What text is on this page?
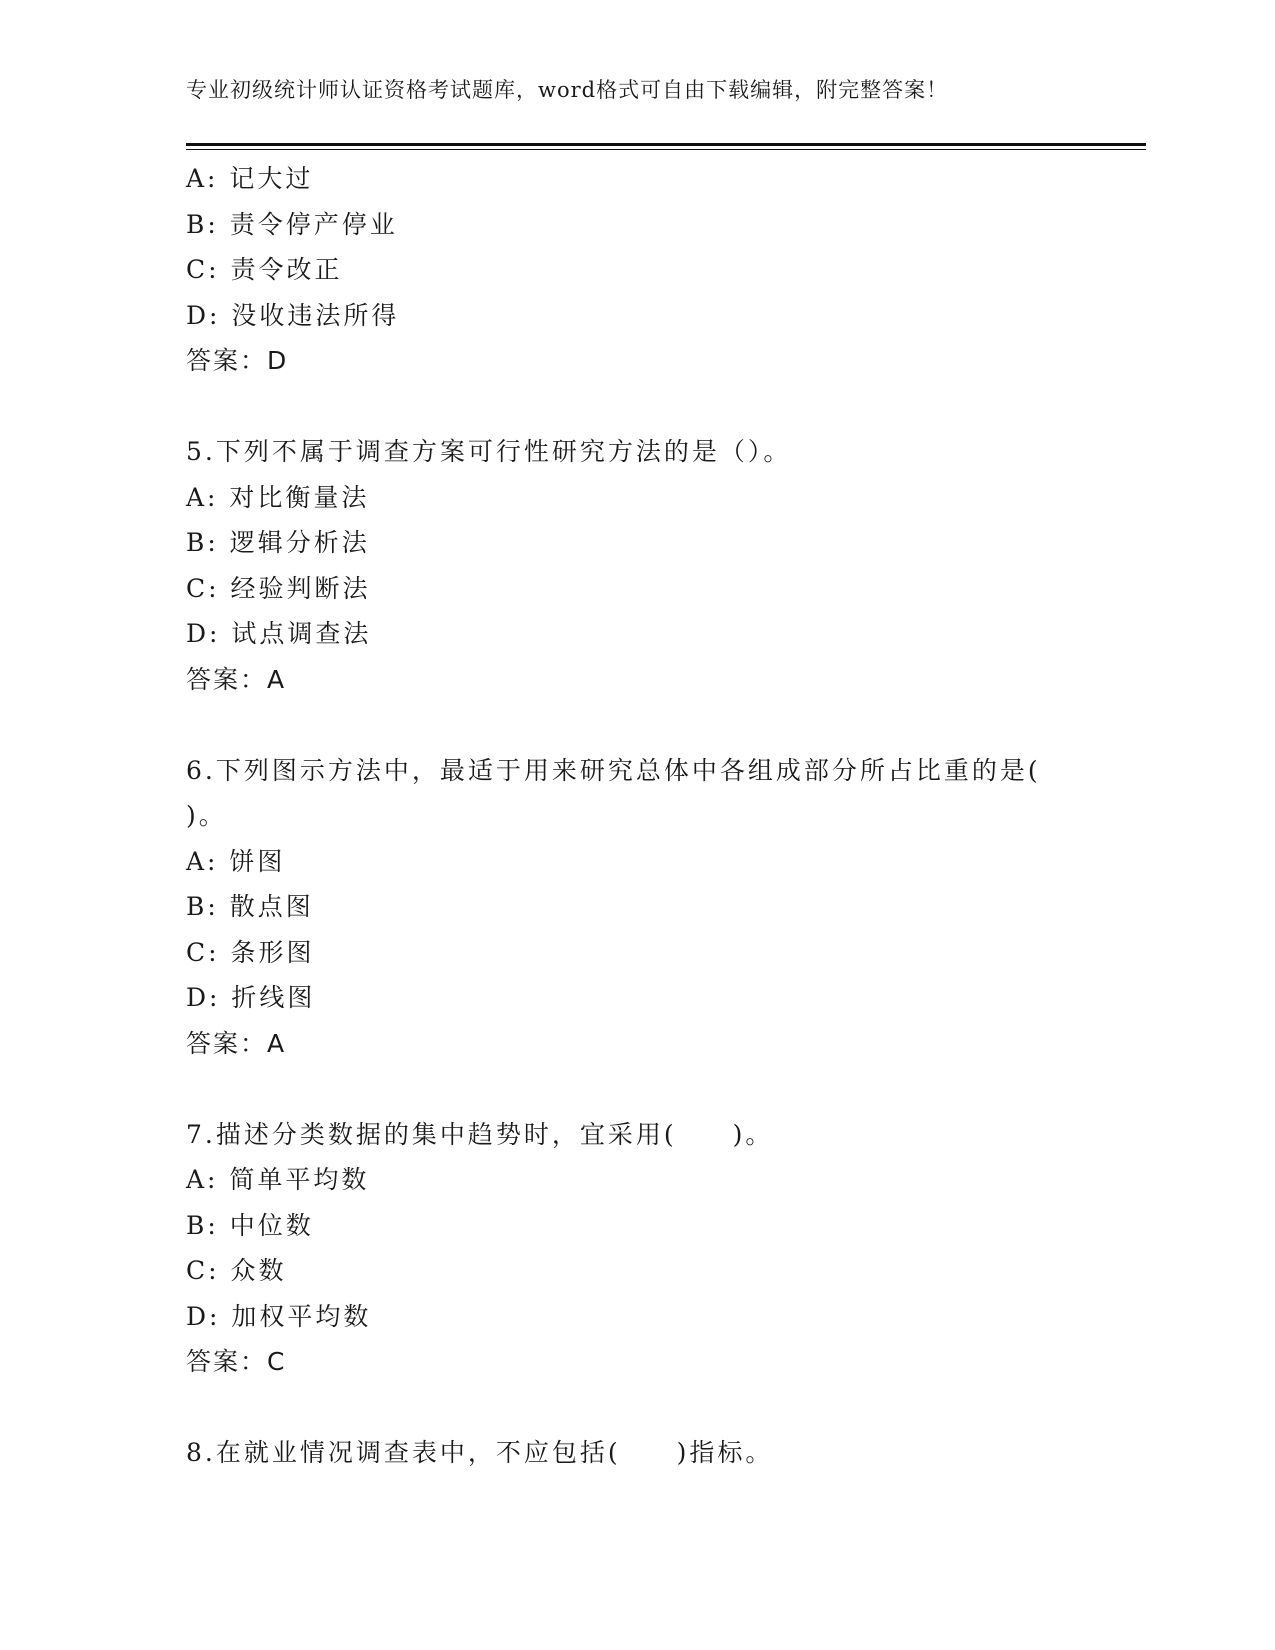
专业初级统计师认证资格考试题库，word格式可自由下载编辑，附完整答案！
A: 记大过
B: 责令停产停业
C: 责令改正
D: 没收违法所得
答案：D
5.下列不属于调查方案可行性研究方法的是（）。
A: 对比衡量法
B: 逻辑分析法
C: 经验判断法
D: 试点调查法
答案：A
6.下列图示方法中，最适于用来研究总体中各组成部分所占比重的是(
)。
A: 饼图
B: 散点图
C: 条形图
D: 折线图
答案：A
7.描述分类数据的集中趋势时，宜采用(　　)。
A: 简单平均数
B: 中位数
C: 众数
D: 加权平均数
答案：C
8.在就业情况调查表中，不应包括(　　)指标。
